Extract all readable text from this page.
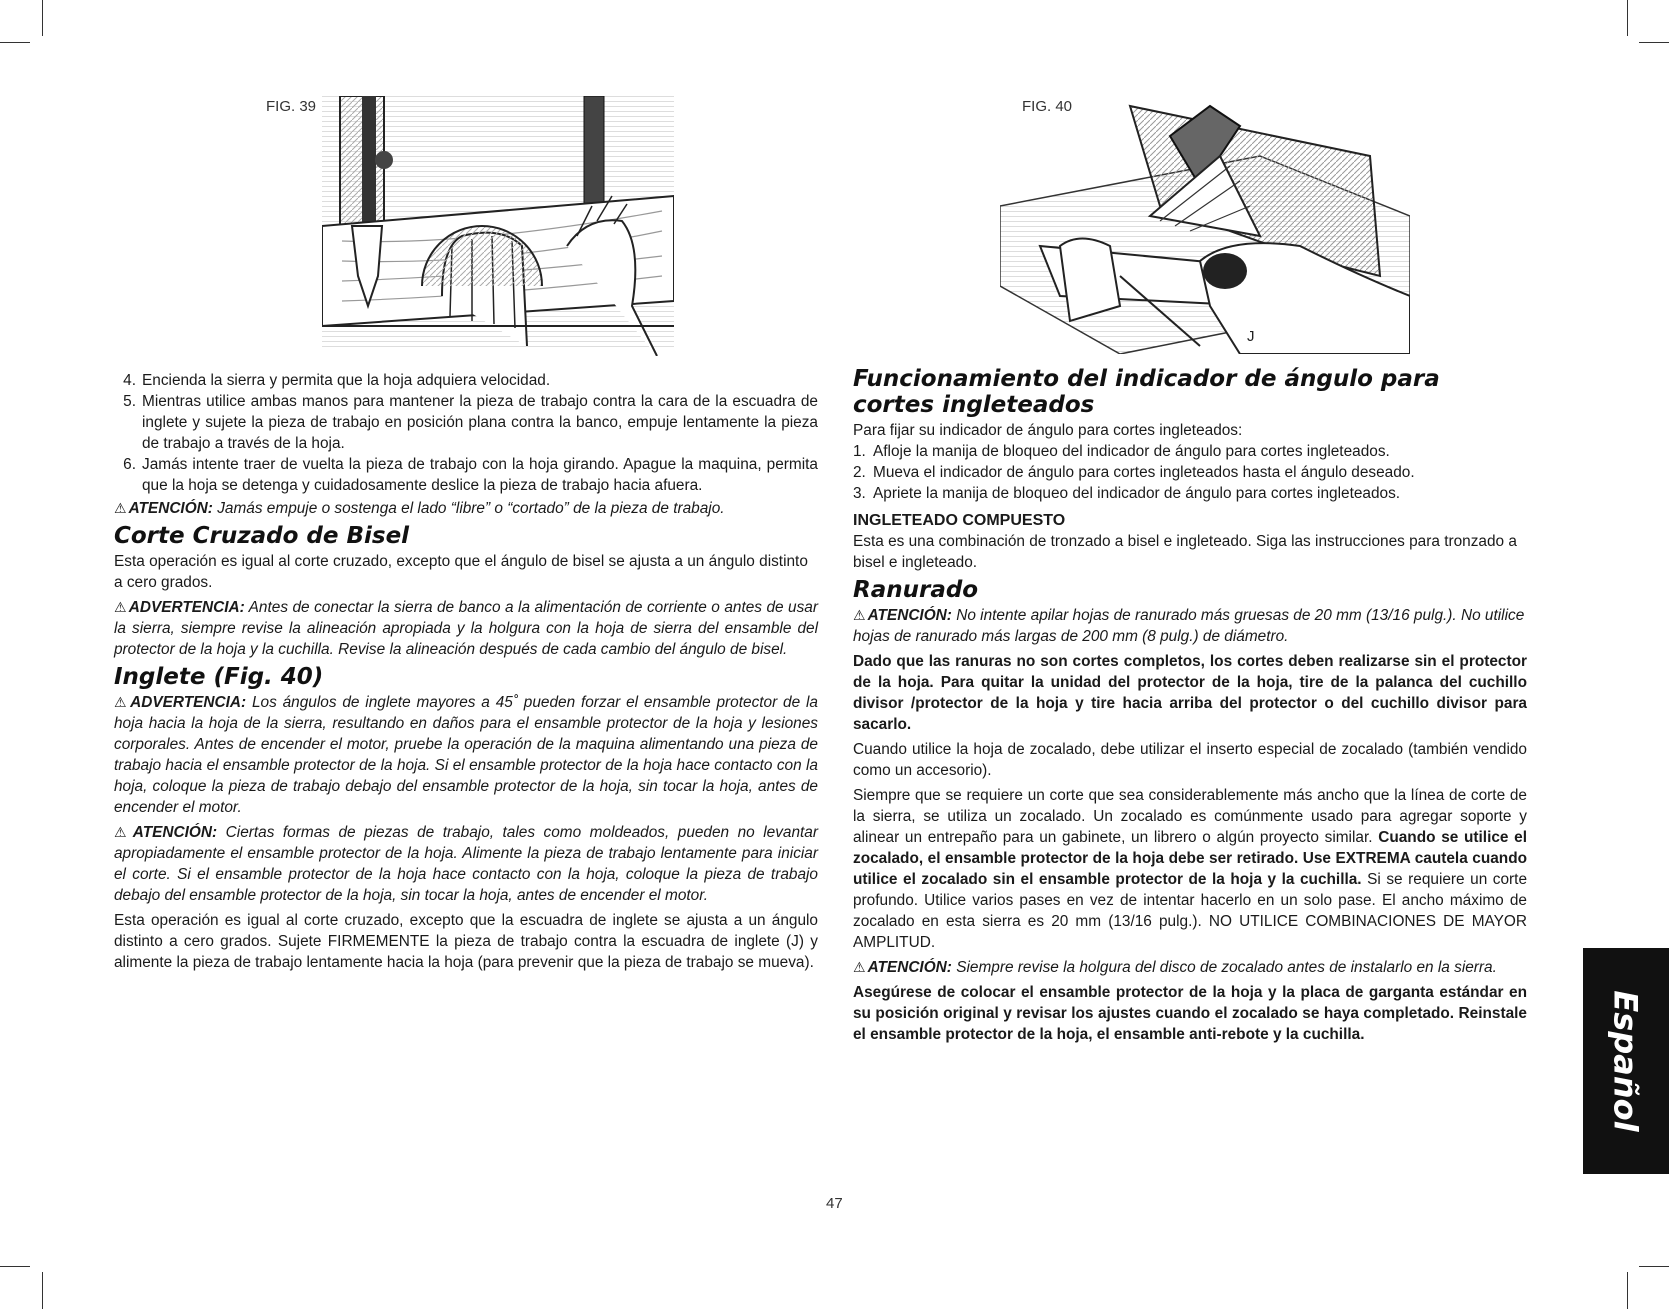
FIG. 39	FIG. 40
J
4. Encienda la sierra y permita que la hoja adquiera velocidad.
5. Mientras utilice ambas manos para mantener la pieza de trabajo contra la cara de la escuadra de inglete y sujete la pieza de trabajo en posición plana contra la banco, empuje lentamente la pieza de trabajo a través de la hoja.
6. Jamás intente traer de vuelta la pieza de trabajo con la hoja girando. Apague la maquina, permita que la hoja se detenga y cuidadosamente deslice la pieza de trabajo hacia afuera.

⚠ ATENCIÓN: Jamás empuje o sostenga el lado “libre” o “cortado” de la pieza de trabajo.

Corte Cruzado de Bisel

Esta operación es igual al corte cruzado, excepto que el ángulo de bisel se ajusta a un ángulo distinto a cero grados.

⚠ ADVERTENCIA: Antes de conectar la sierra de banco a la alimentación de corriente o antes de usar la sierra, siempre revise la alineación apropiada y la holgura con la hoja de sierra del ensamble del protector de la hoja y la cuchilla. Revise la alineación después de cada cambio del ángulo de bisel.

Inglete (Fig. 40)

⚠ ADVERTENCIA: Los ángulos de inglete mayores a 45˚ pueden forzar el ensamble protector de la hoja hacia la hoja de la sierra, resultando en daños para el ensamble protector de la hoja y lesiones corporales. Antes de encender el motor, pruebe la operación de la maquina alimentando una pieza de trabajo hacia el ensamble protector de la hoja. Si el ensamble protector de la hoja hace contacto con la hoja, coloque la pieza de trabajo debajo del ensamble protector de la hoja, sin tocar la hoja, antes de encender el motor.

⚠ ATENCIÓN: Ciertas formas de piezas de trabajo, tales como moldeados, pueden no levantar apropiadamente el ensamble protector de la hoja. Alimente la pieza de trabajo lentamente para iniciar el corte. Si el ensamble protector de la hoja hace contacto con la hoja, coloque la pieza de trabajo debajo del ensamble protector de la hoja, sin tocar la hoja, antes de encender el motor.

Esta operación es igual al corte cruzado, excepto que la escuadra de inglete se ajusta a un ángulo distinto a cero grados. Sujete FIRMEMENTE la pieza de trabajo contra la escuadra de inglete (J) y alimente la pieza de trabajo lentamente hacia la hoja (para prevenir que la pieza de trabajo se mueva).

Funcionamiento del indicador de ángulo para cortes ingleteados

Para fijar su indicador de ángulo para cortes ingleteados:

1. Afloje la manija de bloqueo del indicador de ángulo para cortes ingleteados.
2. Mueva el indicador de ángulo para cortes ingleteados hasta el ángulo deseado.
3. Apriete la manija de bloqueo del indicador de ángulo para cortes ingleteados.
INGLETEADO COMPUESTO

Esta es una combinación de tronzado a bisel e ingleteado. Siga las instrucciones para tronzado a bisel e ingleteado.

Ranurado

⚠ ATENCIÓN: No intente apilar hojas de ranurado más gruesas de 20 mm (13/16 pulg.). No utilice hojas de ranurado más largas de 200 mm (8 pulg.) de diámetro.

Dado que las ranuras no son cortes completos, los cortes deben realizarse sin el protector de la hoja. Para quitar la unidad del protector de la hoja, tire de la palanca del cuchillo divisor /protector de la hoja y tire hacia arriba del protector o del cuchillo divisor para sacarlo.

Cuando utilice la hoja de zocalado, debe utilizar el inserto especial de zocalado (también vendido como un accesorio).

Siempre que se requiere un corte que sea considerablemente más ancho que la línea de corte de la sierra, se utiliza un zocalado. Un zocalado es comúnmente usado para agregar soporte y alinear un entrepaño para un gabinete, un librero o algún proyecto similar. Cuando se utilice el zocalado, el ensamble protector de la hoja debe ser retirado. Use EXTREMA cautela cuando utilice el zocalado sin el ensamble protector de la hoja y la cuchilla. Si se requiere un corte profundo. Utilice varios pases en vez de intentar hacerlo en un solo pase. El ancho máximo de zocalado en esta sierra es 20 mm (13/16 pulg.). NO UTILICE COMBINACIONES DE MAYOR AMPLITUD.

⚠ ATENCIÓN: Siempre revise la holgura del disco de zocalado antes de instalarlo en la sierra.

Asegúrese de colocar el ensamble protector de la hoja y la placa de garganta estándar en su posición original y revisar los ajustes cuando el zocalado se haya completado. Reinstale el ensamble protector de la hoja, el ensamble anti-rebote y la cuchilla.	Español
47
